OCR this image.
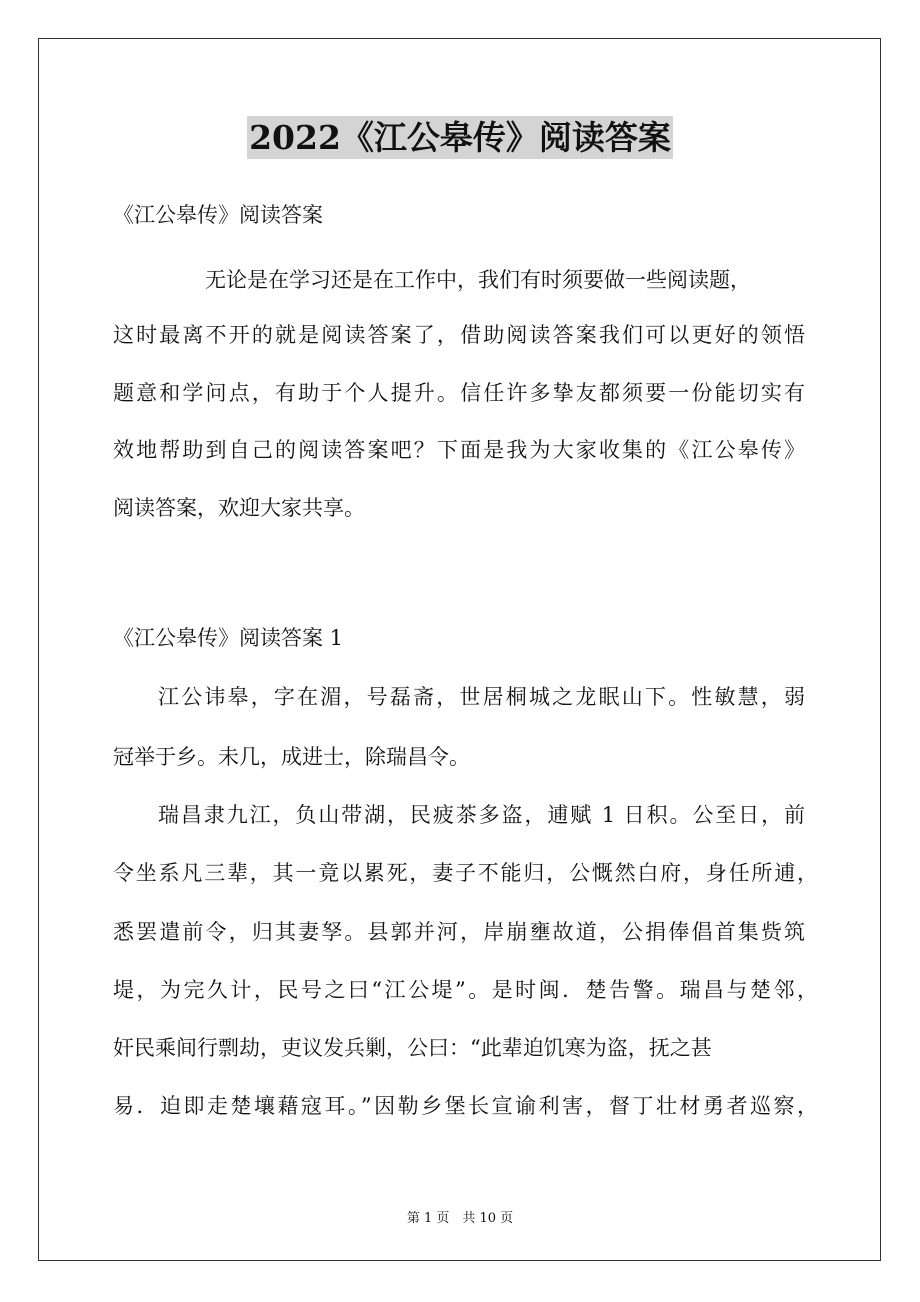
2022《江公皋传》阅读答案
《江公皋传》阅读答案
无论是在学习还是在工作中，我们有时须要做一些阅读题，
这时最离不开的就是阅读答案了，借助阅读答案我们可以更好的领悟
题意和学问点，有助于个人提升。信任许多挚友都须要一份能切实有
效地帮助到自己的阅读答案吧？下面是我为大家收集的《江公皋传》
阅读答案，欢迎大家共享。
《江公皋传》阅读答案 1
江公讳皋，字在湄，号磊斋，世居桐城之龙眠山下。性敏慧，弱
冠举于乡。未几，成进士，除瑞昌令。
瑞昌隶九江，负山带湖，民疲茶多盗，逋赋 1 日积。公至日，前
令坐系凡三辈，其一竟以累死，妻子不能归，公慨然白府，身任所逋，
悉罢遣前令，归其妻孥。县郭并河，岸崩壅故道，公捐俸倡首集赀筑
堤，为完久计，民号之曰“江公堤”。是时闽．楚告警。瑞昌与楚邻，
奸民乘间行剽劫，吏议发兵剿，公曰：“此辈迫饥寒为盗，抚之甚
易．迫即走楚壤藉寇耳。”因勒乡堡长宣谕利害，督丁壮材勇者巡察，
第 1 页　共 10 页
